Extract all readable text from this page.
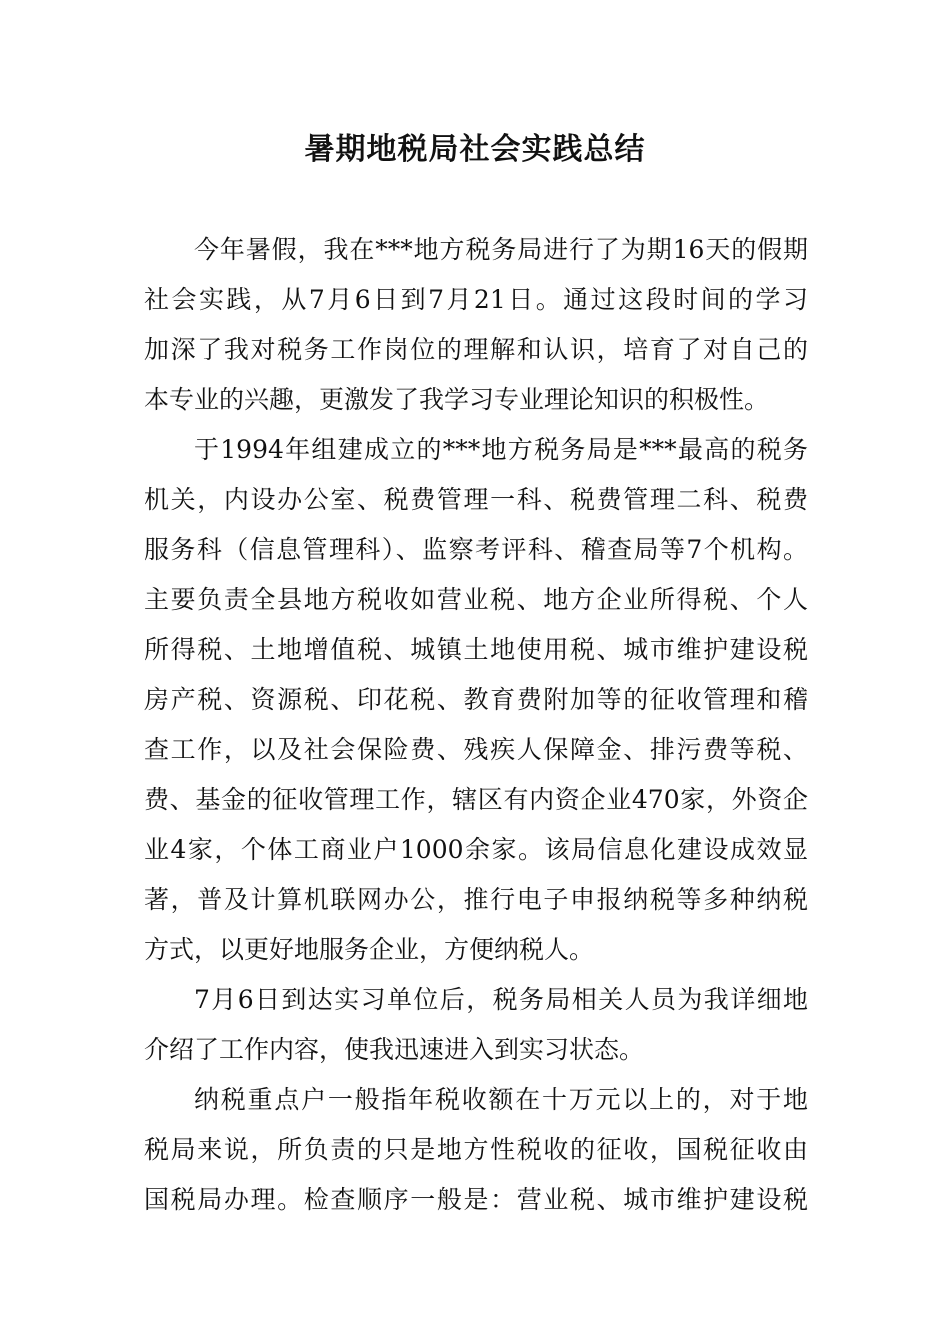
暑期地税局社会实践总结
今年暑假，我在***地方税务局进行了为期16天的假期
社会实践，从7月6日到7月21日。通过这段时间的学习
加深了我对税务工作岗位的理解和认识，培育了对自己的
本专业的兴趣，更激发了我学习专业理论知识的积极性。
于1994年组建成立的***地方税务局是***最高的税务
机关，内设办公室、税费管理一科、税费管理二科、税费
服务科（信息管理科）、监察考评科、稽查局等7个机构。
主要负责全县地方税收如营业税、地方企业所得税、个人
所得税、土地增值税、城镇土地使用税、城市维护建设税
房产税、资源税、印花税、教育费附加等的征收管理和稽
查工作，以及社会保险费、残疾人保障金、排污费等税、
费、基金的征收管理工作，辖区有内资企业470家，外资企
业4家，个体工商业户1000余家。该局信息化建设成效显
著，普及计算机联网办公，推行电子申报纳税等多种纳税
方式，以更好地服务企业，方便纳税人。
7月6日到达实习单位后，税务局相关人员为我详细地
介绍了工作内容，使我迅速进入到实习状态。
纳税重点户一般指年税收额在十万元以上的，对于地
税局来说，所负责的只是地方性税收的征收，国税征收由
国税局办理。检查顺序一般是：营业税、城市维护建设税
